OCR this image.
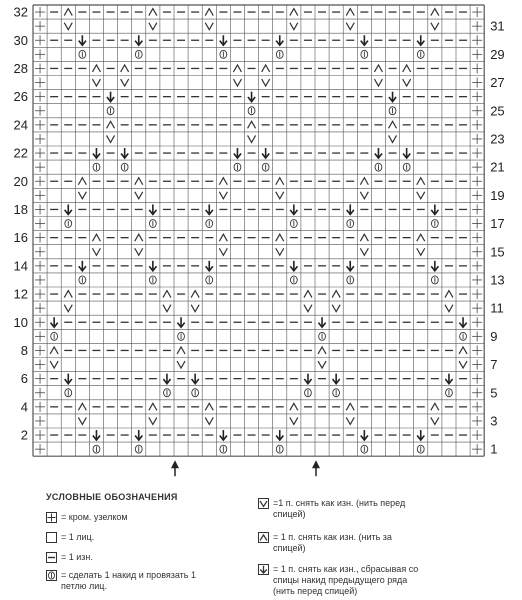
2
4
6
8
10
12
14
16
18
20
22
24
26
28
30
32
1
3
5
7
9
11
13
15
17
19
21
23
25
27
29
31
УСЛОВНЫЕ ОБОЗНАЧЕНИЯ
= кром. узелком
= 1 лиц.
= 1 изн.
= сделать 1 накид и провязать 1 петлю лиц.
=1 п. снять как изн. (нить перед спицей)
= 1 п. снять как изн. (нить за спицей)
= 1 п. снять как изн., сбрасывая со спицы накид предыдущего ряда (нить перед спицей)
